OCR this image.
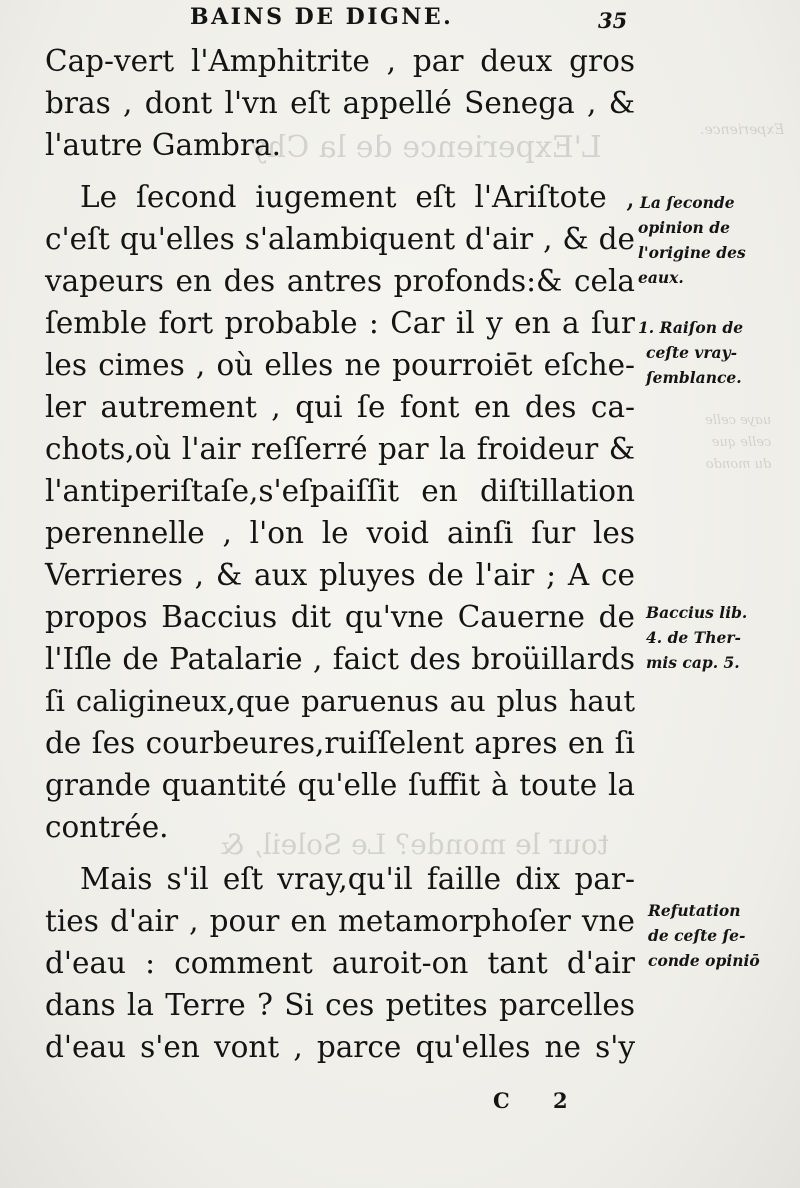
L'Experience de la Chy
tour le monde? Le Soleil, &
Experience.
uaye celle
celle que
du mondo
BAINS DE DIGNE.	35
Cap-vert l'Amphitrite , par deux gros
bras , dont l'vn eſt appellé Senega , &
l'autre Gambra.
Le ſecond iugement eſt l'Ariſtote ,
c'eſt qu'elles s'alambiquent d'air , & de
vapeurs en des antres profonds:& cela
ſemble fort probable : Car il y en a ſur
les cimes , où elles ne pourroiēt eſche-
ler autrement , qui ſe font en des ca-
chots,où l'air reſſerré par la froideur &
l'antiperiſtaſe,s'eſpaiſſit en diſtillation
perennelle , l'on le void ainſi ſur les
Verrieres , & aux pluyes de l'air ; A ce
propos Baccius dit qu'vne Cauerne de
l'Iſle de Patalarie , faict des broüillards
ſi caligineux,que paruenus au plus haut
de ſes courbeures,ruiſſelent apres en ſi
grande quantité qu'elle ſuffit à toute la
contrée.
Mais s'il eſt vray,qu'il faille dix par-
ties d'air , pour en metamorphoſer vne
d'eau : comment auroit-on tant d'air
dans la Terre ? Si ces petites parcelles
d'eau s'en vont , parce qu'elles ne s'y
La ſeconde
opinion de
l'origine des
eaux.
1. Raiſon de
ceſte vray-
ſemblance.
Baccius lib.
4. de Ther-
mis cap. 5.
Refutation
de ceſte ſe-
conde opiniō
C 2
